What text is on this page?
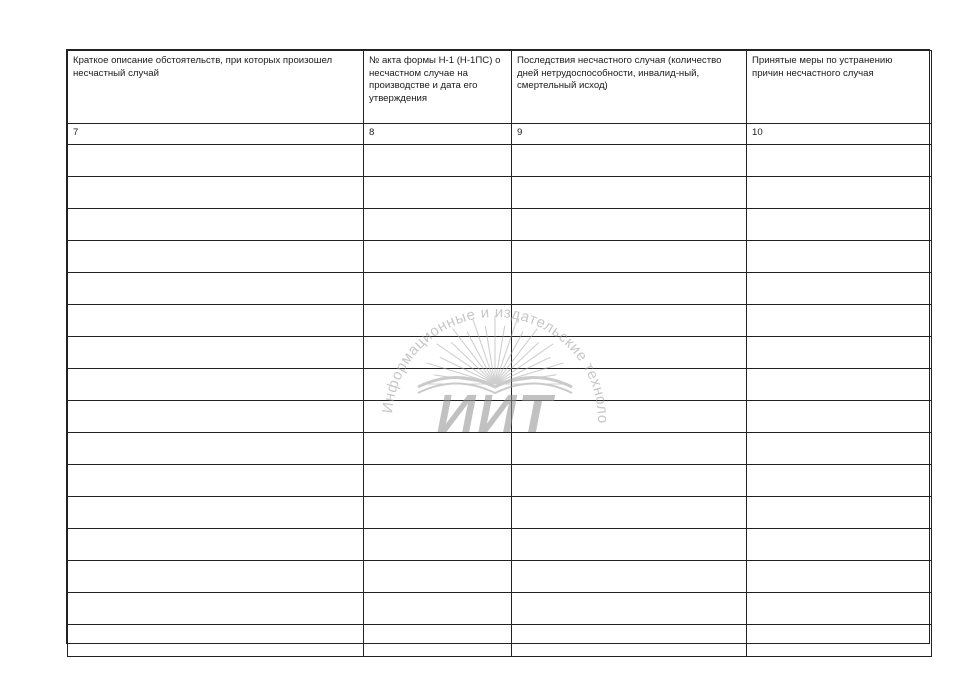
Краткое описание обстоятельств, при которых произошел несчастный случай	№ акта формы Н-1 (Н-1ПС) о несчастном случае на производстве и дата его утверждения	Последствия несчастного случая (количество дней нетрудоспособности, инвалид-ный, смертельный исход)	Принятые меры по устранению причин несчастного случая
7	8	9	10

Информационные и издательские техноло
ИИТ
